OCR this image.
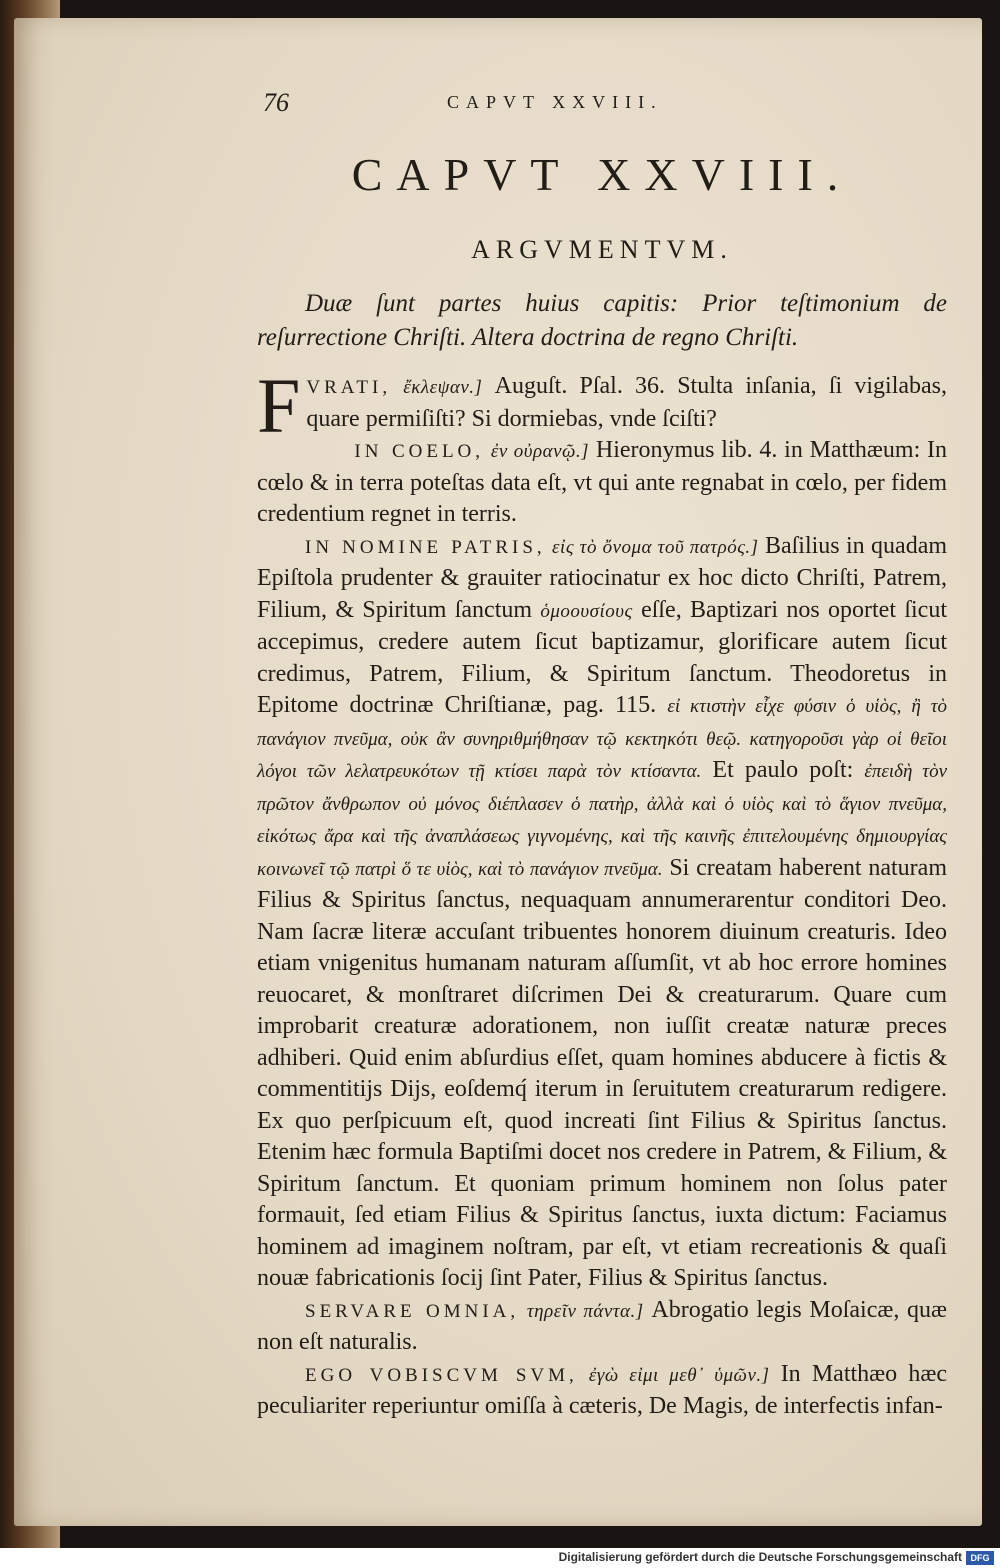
76	CAPVT XXVIII.
CAPVT XXVIII.
ARGVMENTVM.
Duæ ſunt partes huius capitis: Prior teſtimonium de reſurrectione Chriſti. Altera doctrina de regno Chriſti.

F VRATI, ἔκλεψαν.] Auguſt. Pſal. 36. Stulta inſania, ſi vigilabas, quare permiſiſti? Si dormiebas, vnde ſciſti?

IN COELO, ἐν οὐρανῷ.] Hieronymus lib. 4. in Matthæum: In cœlo & in terra poteſtas data eſt, vt qui ante regnabat in cœlo, per fidem credentium regnet in terris.

IN NOMINE PATRIS, εἰς τὸ ὄνομα τοῦ πατρός.] Baſilius in quadam Epiſtola prudenter & grauiter ratiocinatur ex hoc dicto Chriſti, Patrem, Filium, & Spiritum ſanctum ὁμοουσίους eſſe, Baptizari nos oportet ſicut accepimus, credere autem ſicut baptizamur, glorificare autem ſicut credimus, Patrem, Filium, & Spiritum ſanctum. Theodoretus in Epitome doctrinæ Chriſtianæ, pag. 115. εἰ κτιστὴν εἶχε φύσιν ὁ υἱὸς, ἢ τὸ πανάγιον πνεῦμα, οὐκ ἂν συνηριθμήθησαν τῷ κεκτηκότι θεῷ. κατηγοροῦσι γὰρ οἱ θεῖοι λόγοι τῶν λελατρευκότων τῇ κτίσει παρὰ τὸν κτίσαντα. Et paulo poſt: ἐπειδὴ τὸν πρῶτον ἄνθρωπον οὐ μόνος διέπλασεν ὁ πατὴρ, ἀλλὰ καὶ ὁ υἱὸς καὶ τὸ ἅγιον πνεῦμα, εἰκότως ἄρα καὶ τῆς ἀναπλάσεως γιγνομένης, καὶ τῆς καινῆς ἐπιτελουμένης δημιουργίας κοινωνεῖ τῷ πατρὶ ὅ τε υἱὸς, καὶ τὸ πανάγιον πνεῦμα. Si creatam haberent naturam Filius & Spiritus ſanctus, nequaquam annumerarentur conditori Deo. Nam ſacræ literæ accuſant tribuentes honorem diuinum creaturis. Ideo etiam vnigenitus humanam naturam aſſumſit, vt ab hoc errore homines reuocaret, & monſtraret diſcrimen Dei & creaturarum. Quare cum improbarit creaturæ adorationem, non iuſſit creatæ naturæ preces adhiberi. Quid enim abſurdius eſſet, quam homines abducere à fictis & commentitijs Dijs, eoſdemq́ iterum in ſeruitutem creaturarum redigere. Ex quo perſpicuum eſt, quod increati ſint Filius & Spiritus ſanctus. Etenim hæc formula Baptiſmi docet nos credere in Patrem, & Filium, & Spiritum ſanctum. Et quoniam primum hominem non ſolus pater formauit, ſed etiam Filius & Spiritus ſanctus, iuxta dictum: Faciamus hominem ad imaginem noſtram, par eſt, vt etiam recreationis & quaſi nouæ fabricationis ſocij ſint Pater, Filius & Spiritus ſanctus.

SERVARE OMNIA, τηρεῖν πάντα.] Abrogatio legis Moſaicæ, quæ non eſt naturalis.

EGO VOBISCVM SVM, ἐγὼ εἰμι μεθ᾽ ὑμῶν.] In Matthæo hæc peculiariter reperiuntur omiſſa à cæteris, De Magis, de interfectis infan-

Digitalisierung gefördert durch die Deutsche Forschungsgemeinschaft DFG
